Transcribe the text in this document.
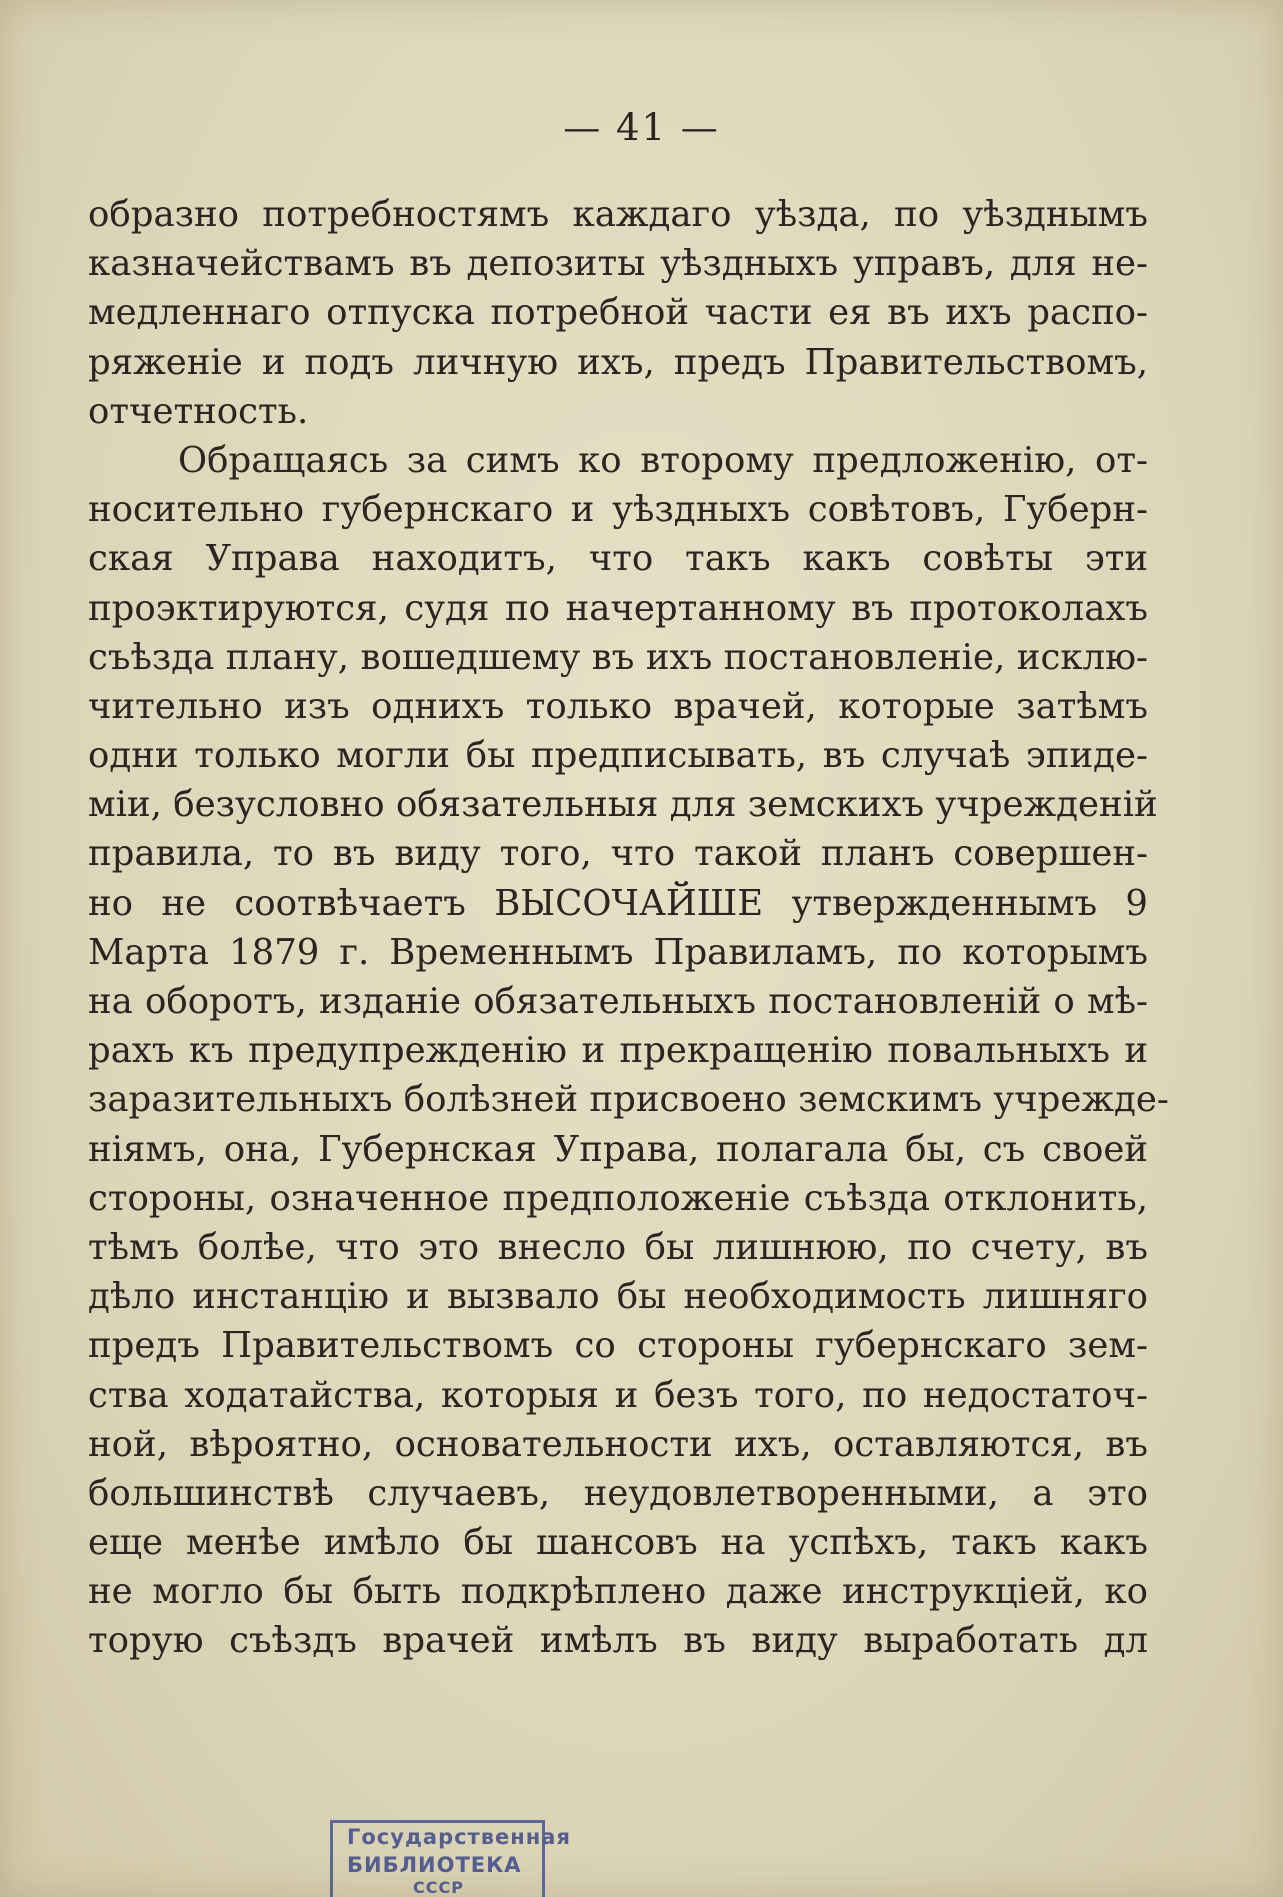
— 41 —
образно потребностямъ каждаго уѣзда, по уѣзднымъ
казначействамъ въ депозиты уѣздныхъ управъ, для не-
медленнаго отпуска потребной части ея въ ихъ распо-
ряженіе и подъ личную ихъ, предъ Правительствомъ,
отчетность.
Обращаясь за симъ ко второму предложенію, от-
носительно губернскаго и уѣздныхъ совѣтовъ, Губерн-
ская Управа находитъ, что такъ какъ совѣты эти
проэктируются, судя по начертанному въ протоколахъ
съѣзда плану, вошедшему въ ихъ постановленіе, исклю-
чительно изъ однихъ только врачей, которые затѣмъ
одни только могли бы предписывать, въ случаѣ эпиде-
міи, безусловно обязательныя для земскихъ учрежденій
правила, то въ виду того, что такой планъ совершен-
но не соотвѣчаетъ ВЫСОЧАЙШЕ утвержденнымъ 9
Марта 1879 г. Временнымъ Правиламъ, по которымъ
на оборотъ, изданіе обязательныхъ постановленій о мѣ-
рахъ къ предупрежденію и прекращенію повальныхъ и
заразительныхъ болѣзней присвоено земскимъ учрежде-
ніямъ, она, Губернская Управа, полагала бы, съ своей
стороны, означенное предположеніе съѣзда отклонить,
тѣмъ болѣе, что это внесло бы лишнюю, по счету, въ
дѣло инстанцію и вызвало бы необходимость лишняго
предъ Правительствомъ со стороны губернскаго зем-
ства ходатайства, которыя и безъ того, по недостаточ-
ной, вѣроятно, основательности ихъ, оставляются, въ
большинствѣ случаевъ, неудовлетворенными, а это
еще менѣе имѣло бы шансовъ на успѣхъ, такъ какъ
не могло бы быть подкрѣплено даже инструкціей, ко
торую съѣздъ врачей имѣлъ въ виду выработать дл
Государственная
БИБЛИОТЕКА
СССР
